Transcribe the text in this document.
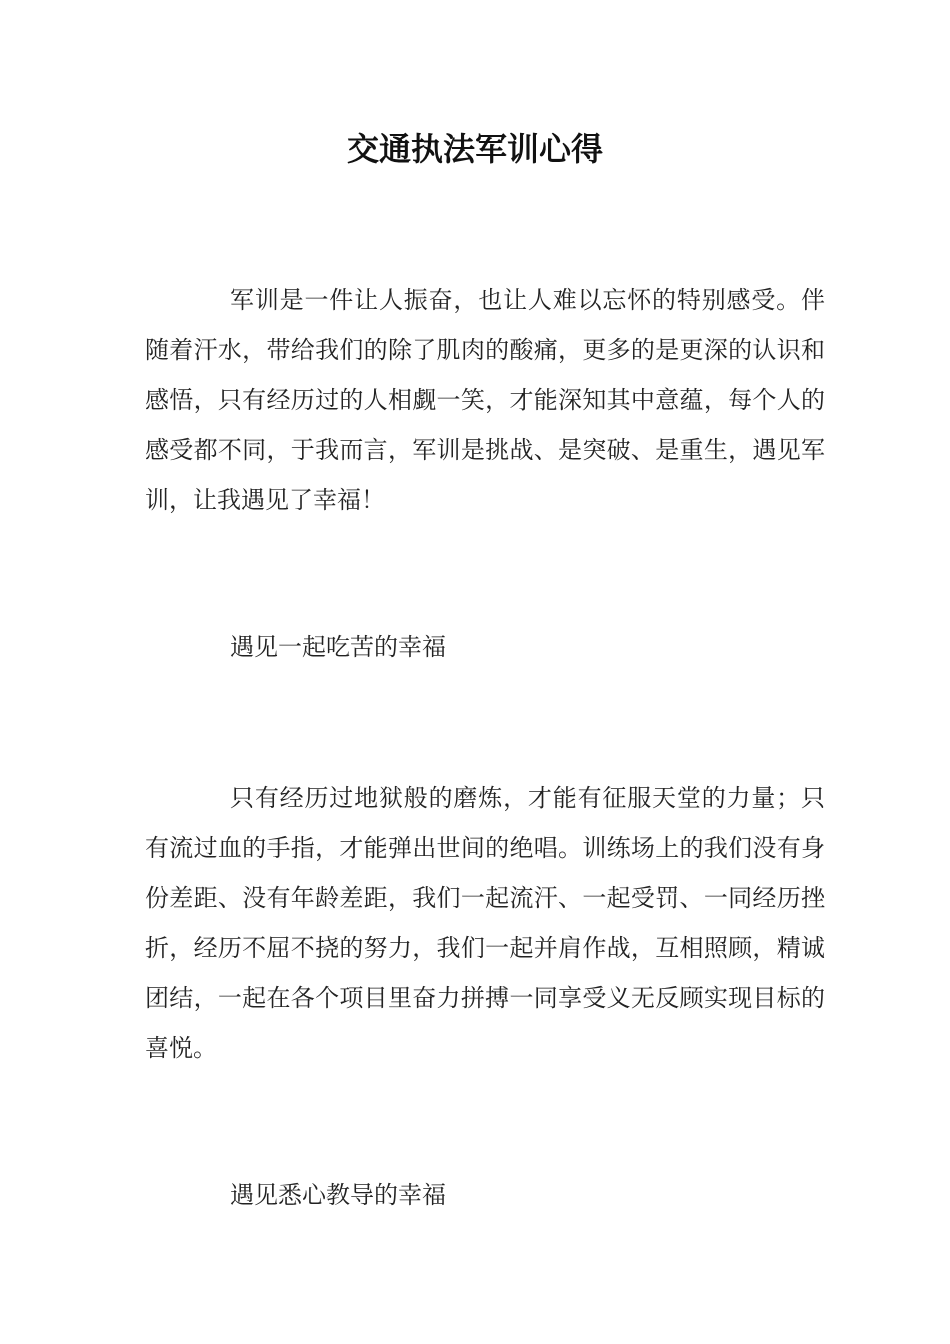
交通执法军训心得

军训是一件让人振奋，也让人难以忘怀的特别感受。伴随着汗水，带给我们的除了肌肉的酸痛，更多的是更深的认识和感悟，只有经历过的人相觑一笑，才能深知其中意蕴，每个人的感受都不同，于我而言，军训是挑战、是突破、是重生，遇见军训，让我遇见了幸福！

遇见一起吃苦的幸福

只有经历过地狱般的磨炼，才能有征服天堂的力量；只有流过血的手指，才能弹出世间的绝唱。训练场上的我们没有身份差距、没有年龄差距，我们一起流汗、一起受罚、一同经历挫折，经历不屈不挠的努力，我们一起并肩作战，互相照顾，精诚团结，一起在各个项目里奋力拼搏一同享受义无反顾实现目标的喜悦。

遇见悉心教导的幸福
